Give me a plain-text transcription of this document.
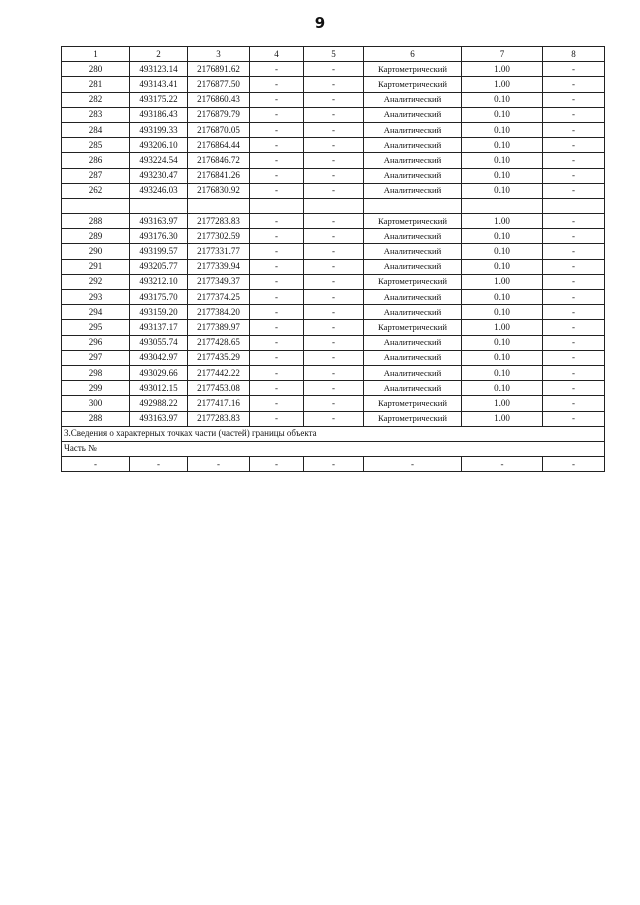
9
1	2	3	4	5	6	7	8
280	493123.14	2176891.62	-	-	Картометрический	1.00	-
281	493143.41	2176877.50	-	-	Картометрический	1.00	-
282	493175.22	2176860.43	-	-	Аналитический	0.10	-
283	493186.43	2176879.79	-	-	Аналитический	0.10	-
284	493199.33	2176870.05	-	-	Аналитический	0.10	-
285	493206.10	2176864.44	-	-	Аналитический	0.10	-
286	493224.54	2176846.72	-	-	Аналитический	0.10	-
287	493230.47	2176841.26	-	-	Аналитический	0.10	-
262	493246.03	2176830.92	-	-	Аналитический	0.10	-

288	493163.97	2177283.83	-	-	Картометрический	1.00	-
289	493176.30	2177302.59	-	-	Аналитический	0.10	-
290	493199.57	2177331.77	-	-	Аналитический	0.10	-
291	493205.77	2177339.94	-	-	Аналитический	0.10	-
292	493212.10	2177349.37	-	-	Картометрический	1.00	-
293	493175.70	2177374.25	-	-	Аналитический	0.10	-
294	493159.20	2177384.20	-	-	Аналитический	0.10	-
295	493137.17	2177389.97	-	-	Картометрический	1.00	-
296	493055.74	2177428.65	-	-	Аналитический	0.10	-
297	493042.97	2177435.29	-	-	Аналитический	0.10	-
298	493029.66	2177442.22	-	-	Аналитический	0.10	-
299	493012.15	2177453.08	-	-	Аналитический	0.10	-
300	492988.22	2177417.16	-	-	Картометрический	1.00	-
288	493163.97	2177283.83	-	-	Картометрический	1.00	-
3.Сведения о характерных точках части (частей) границы объекта							
Часть №							
-	-	-	-	-	-	-	-
